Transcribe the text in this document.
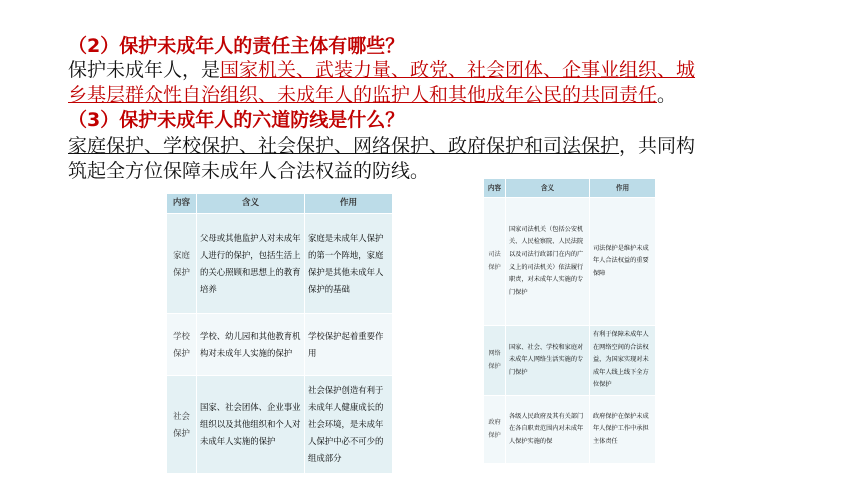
（2）保护未成年人的责任主体有哪些？
保护未成年人，是国家机关、武装力量、政党、社会团体、企事业组织、城
乡基层群众性自治组织、未成年人的监护人和其他成年公民的共同责任。
（3）保护未成年人的六道防线是什么？
家庭保护、学校保护、社会保护、网络保护、政府保护和司法保护，共同构
筑起全方位保障未成年人合法权益的防线。
内容	含义	作用
家庭保护	父母或其他监护人对未成年人进行的保护，包括生活上的关心照顾和思想上的教育培养	家庭是未成年人保护的第一个阵地，家庭保护是其他未成年人保护的基础
学校保护	学校、幼儿园和其他教育机构对未成年人实施的保护	学校保护起着重要作用
社会保护	国家、社会团体、企业事业组织以及其他组织和个人对未成年人实施的保护	社会保护创造有利于未成年人健康成长的社会环境，是未成年人保护中必不可少的组成部分
内容	含义	作用
司法保护	国家司法机关（包括公安机关、人民检察院、人民法院以及司法行政部门在内的广义上的司法机关）依法履行职责，对未成年人实施的专门保护	司法保护是维护未成年人合法权益的重要保障
网络保护	国家、社会、学校和家庭对未成年人网络生活实施的专门保护	有利于保障未成年人在网络空间的合法权益，为国家实现对未成年人线上线下全方位保护
政府保护	各级人民政府及其有关部门在各自职责范围内对未成年人保护实施的保	政府保护在保护未成年人保护工作中承担主体责任
